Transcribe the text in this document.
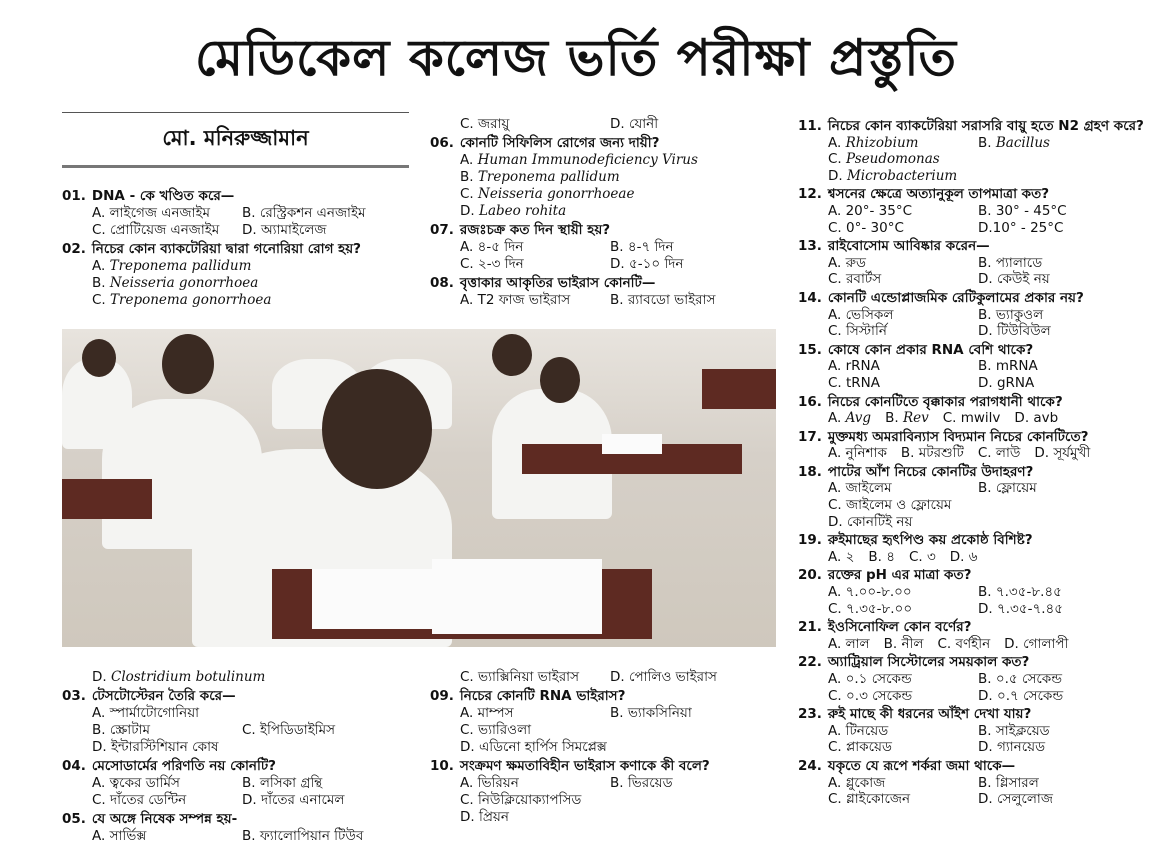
মেডিকেল কলেজ ভর্তি পরীক্ষা প্রস্তুতি
মো. মনিরুজ্জামান
01. DNA - কে খণ্ডিত করে—
A. লাইগেজ এনজাইম B. রেস্ট্রিকশন এনজাইম
C. প্রোটিয়েজ এনজাইম D. অ্যামাইলেজ
02. নিচের কোন ব্যাকটেরিয়া দ্বারা গনোরিয়া রোগ হয়?
A. Treponema pallidum
B. Neisseria gonorrhoea
C. Treponema gonorrhoea
C. জরায়ু	D. যোনী
06. কোনটি সিফিলিস রোগের জন্য দায়ী?
A. Human Immunodeficiency Virus
B. Treponema pallidum
C. Neisseria gonorrhoeae
D. Labeo rohita
07. রজঃচক্র কত দিন স্থায়ী হয়?
A. ৪-৫ দিন	B. ৪-৭ দিন
C. ২-৩ দিন	D. ৫-১০ দিন
08. বৃত্তাকার আকৃতির ভাইরাস কোনটি—
A. T2 ফাজ ভাইরাস	B. র‍্যাবডো ভাইরাস
11. নিচের কোন ব্যাকটেরিয়া সরাসরি বায়ু হতে N2 গ্রহণ করে?
A. Rhizobium	B. Bacillus
C. Pseudomonas
D. Microbacterium
12. শ্বসনের ক্ষেত্রে অত্যানুকূল তাপমাত্রা কত?
A. 20°- 35°C	B. 30° - 45°C
C. 0°- 30°C	D.10° - 25°C
13. রাইবোসোম আবিষ্কার করেন—
A. রুড	B. প্যালাডে
C. রবার্টস	D. কেউই নয়
14. কোনটি এন্ডোপ্লাজমিক রেটিকুলামের প্রকার নয়?
A. ভেসিকল	B. ভ্যাকুওল
C. সিস্টার্নি	D. টিউবিউল
15. কোষে কোন প্রকার RNA বেশি থাকে?
A. rRNA	B. mRNA
C. tRNA	D. gRNA
16. নিচের কোনটিতে বৃক্কাকার পরাগধানী থাকে?
A. Avg B. Rev C. mwilv D. avb
17. মুক্তমধ্য অমরাবিন্যাস বিদ্যমান নিচের কোনটিতে?
A. নুনিশাক B. মটরশুটি C. লাউ D. সূর্যমুখী
18. পাটের আঁশ নিচের কোনটির উদাহরণ?
A. জাইলেম	B. ফ্লোয়েম
C. জাইলেম ও ফ্লোয়েম
D. কোনটিই নয়
19. রুইমাছের হৃৎপিণ্ড কয় প্রকোষ্ঠ বিশিষ্ট?
A. ২ B. ৪ C. ৩ D. ৬
20. রক্তের pH এর মাত্রা কত?
A. ৭.০০-৮.০০	B. ৭.৩৫-৮.৪৫
C. ৭.৩৫-৮.০০	D. ৭.৩৫-৭.৪৫
21. ইওসিনোফিল কোন বর্ণের?
A. লাল B. নীল C. বর্ণহীন D. গোলাপী
22. অ্যাট্রিয়াল সিস্টোলের সময়কাল কত?
A. ০.১ সেকেন্ড	B. ০.৫ সেকেন্ড
C. ০.৩ সেকেন্ড	D. ০.৭ সেকেন্ড
23. রুই মাছে কী ধরনের আঁইশ দেখা যায়?
A. টিনয়েড	B. সাইক্লয়েড
C. প্লাকয়েড	D. গ্যানয়েড
24. যকৃতে যে রূপে শর্করা জমা থাকে—
A. গ্লুকোজ	B. গ্লিসারল
C. গ্লাইকোজেন	D. সেলুলোজ
D. Clostridium botulinum
03. টেসটোস্টেরন তৈরি করে—
A. স্পার্মাটোগোনিয়া
B. স্ক্রোটাম	C. ইপিডিডাইমিস
D. ইন্টারস্টিশিয়ান কোষ
04. মেসোডার্মের পরিণতি নয় কোনটি?
A. ত্বকের ডার্মিস	B. লসিকা গ্রন্থি
C. দাঁতের ডেন্টিন	D. দাঁতের এনামেল
05. যে অঙ্গে নিষেক সম্পন্ন হয়-
A. সার্ভিক্স	B. ফ্যালোপিয়ান টিউব
C. ভ্যাক্সিনিয়া ভাইরাস D. পোলিও ভাইরাস
09. নিচের কোনটি RNA ভাইরাস?
A. মাম্পস	B. ভ্যাকসিনিয়া
C. ভ্যারিওলা
D. এডিনো হার্পিস সিমপ্লেক্স
10. সংক্রমণ ক্ষমতাবিহীন ভাইরাস কণাকে কী বলে?
A. ভিরিয়ন	B. ভিরয়েড
C. নিউক্লিয়োক্যাপসিড
D. প্রিয়ন
